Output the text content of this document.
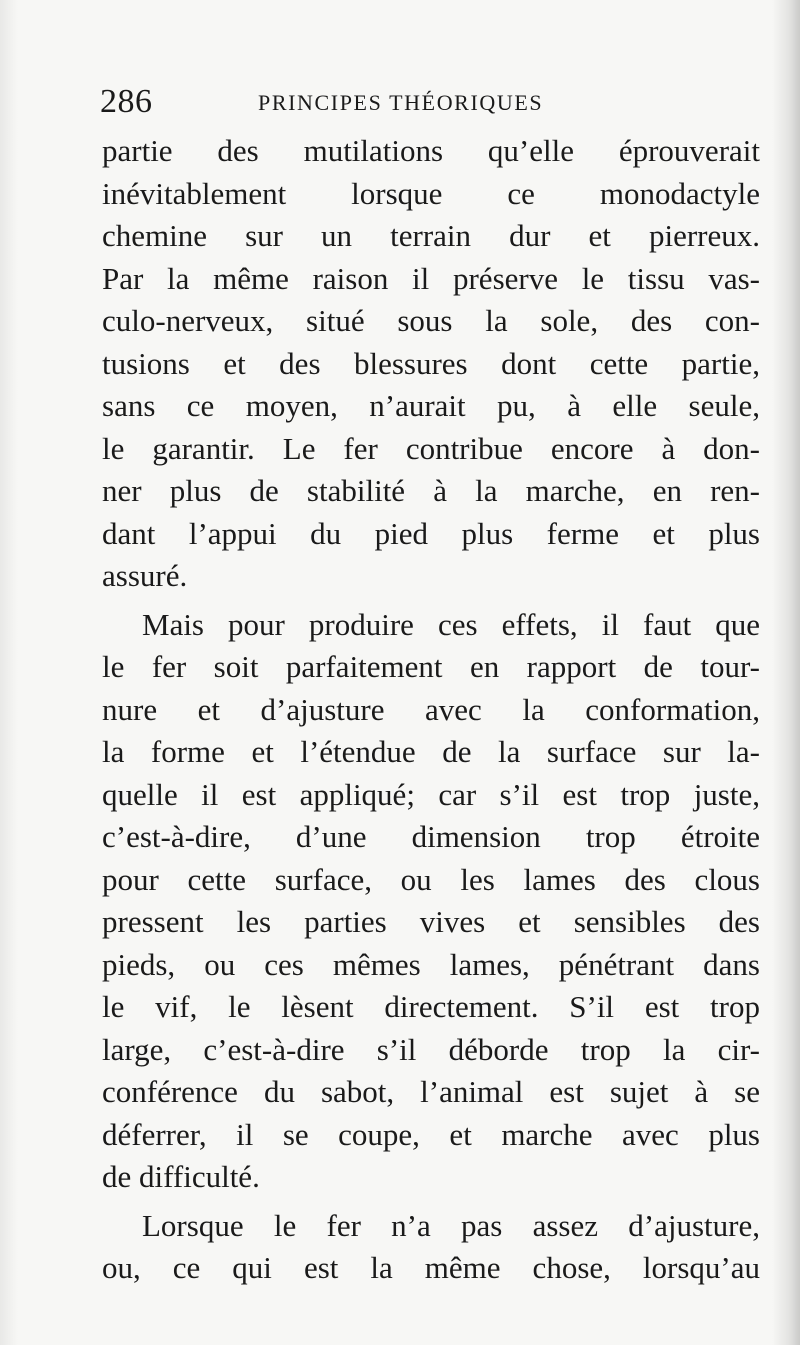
286	PRINCIPES THÉORIQUES
partie des mutilations qu’elle éprouverait
inévitablement lorsque ce monodactyle
chemine sur un terrain dur et pierreux.
Par la même raison il préserve le tissu vas-
culo-nerveux, situé sous la sole, des con-
tusions et des blessures dont cette partie,
sans ce moyen, n’aurait pu, à elle seule,
le garantir. Le fer contribue encore à don-
ner plus de stabilité à la marche, en ren-
dant l’appui du pied plus ferme et plus
assuré.
Mais pour produire ces effets, il faut que
le fer soit parfaitement en rapport de tour-
nure et d’ajusture avec la conformation,
la forme et l’étendue de la surface sur la-
quelle il est appliqué; car s’il est trop juste,
c’est-à-dire, d’une dimension trop étroite
pour cette surface, ou les lames des clous
pressent les parties vives et sensibles des
pieds, ou ces mêmes lames, pénétrant dans
le vif, le lèsent directement. S’il est trop
large, c’est-à-dire s’il déborde trop la cir-
conférence du sabot, l’animal est sujet à se
déferrer, il se coupe, et marche avec plus
de difficulté.
Lorsque le fer n’a pas assez d’ajusture,
ou, ce qui est la même chose, lorsqu’au
